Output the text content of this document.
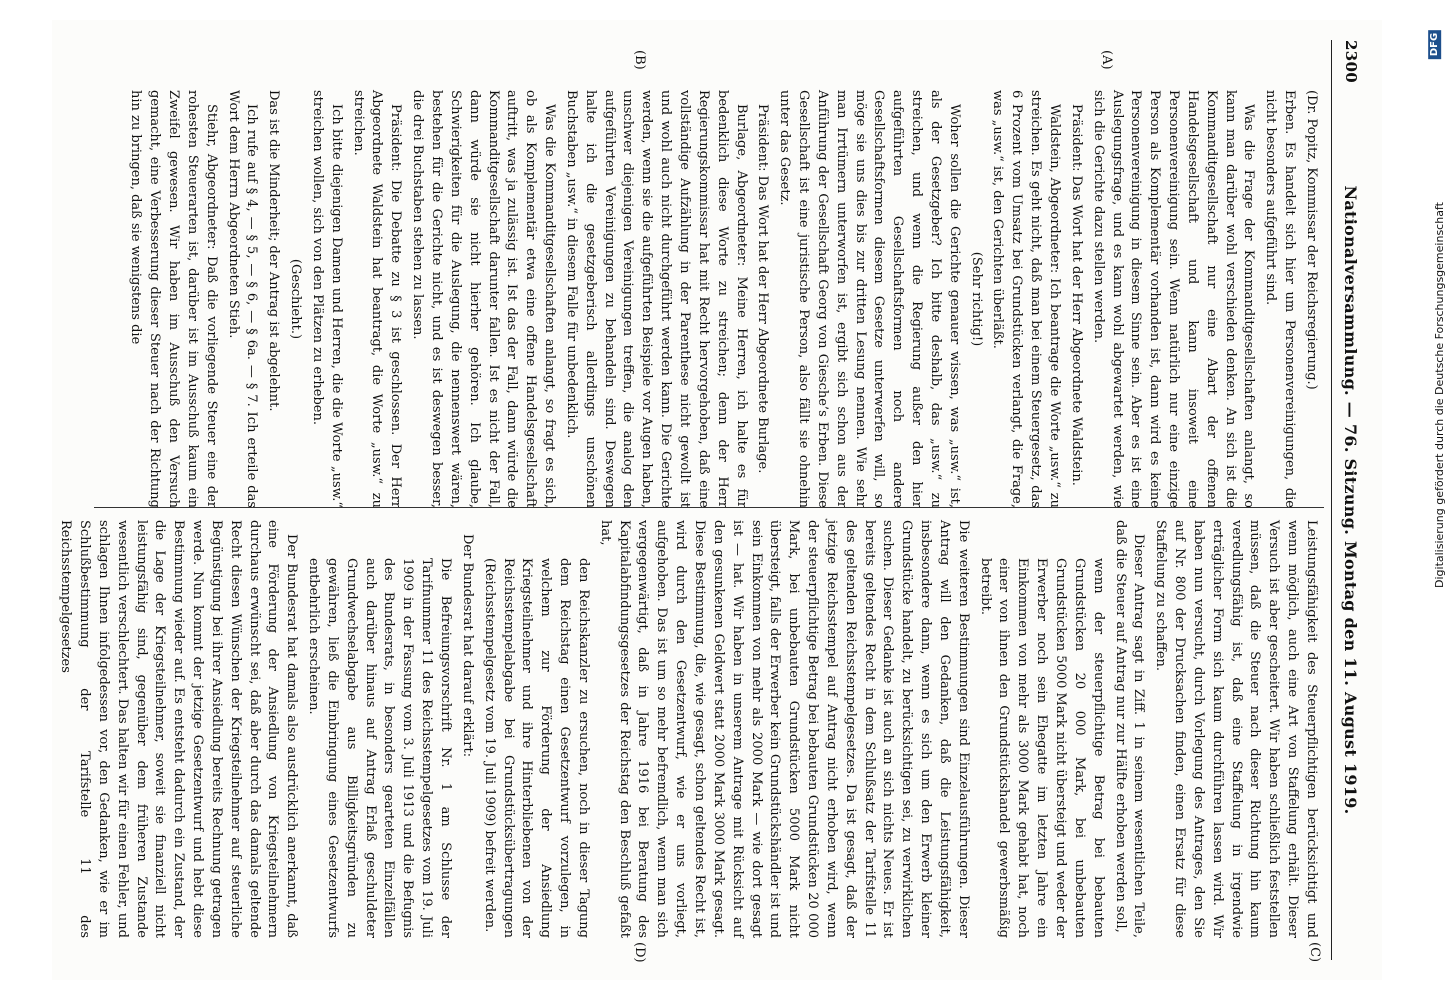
2300
Nationalversammlung. — 76. Sitzung. Montag den 11. August 1919.
(A)
(B)
(C)
(D)

(Dr. Popitz, Kommissar der Reichsregierung.)

Erben. Es handelt sich hier um Personenvereinigungen, die nicht besonders aufgeführt sind.

Was die Frage der Kommanditgesellschaften anlangt, so kann man darüber wohl verschieden denken. An sich ist die Kommanditgesellschaft nur eine Abart der offenen Handelsgesellschaft und kann insoweit eine Personenvereinigung sein. Wenn natürlich nur eine einzige Person als Komplementär vorhanden ist, dann wird es keine Personenvereinigung in diesem Sinne sein. Aber es ist eine Auslegungsfrage, und es kann wohl abgewartet werden, wie sich die Gerichte dazu stellen werden.

Präsident: Das Wort hat der Herr Abgeordnete Waldstein.

Waldstein, Abgeordneter: Ich beantrage die Worte „usw.“ zu streichen. Es geht nicht, daß man bei einem Steuergesetz, das 6 Prozent vom Umsatz bei Grundstücken verlangt, die Frage, was „usw.“ ist, den Gerichten überläßt.

(Sehr richtig!)

Woher sollen die Gerichte genauer wissen, was „usw.“ ist, als der Gesetzgeber? Ich bitte deshalb, das „usw.“ zu streichen, und wenn die Regierung außer den hier aufgeführten Gesellschaftsformen noch andere Gesellschaftsformen diesem Gesetze unterwerfen will, so möge sie uns dies bis zur dritten Lesung nennen. Wie sehr man Irrtümern unterworfen ist, ergibt sich schon aus der Anführung der Gesellschaft Georg von Giesche’s Erben. Diese Gesellschaft ist eine juristische Person, also fällt sie ohnehin unter das Gesetz.

Präsident: Das Wort hat der Herr Abgeordnete Burlage.

Burlage, Abgeordneter: Meine Herren, ich halte es für bedenklich diese Worte zu streichen; denn der Herr Regierungskommissar hat mit Recht hervorgehoben, daß eine vollständige Aufzählung in der Parenthese nicht gewollt ist und wohl auch nicht durchgeführt werden kann. Die Gerichte werden, wenn sie die aufgeführten Beispiele vor Augen haben, unschwer diejenigen Vereinigungen treffen, die analog den aufgeführten Vereinigungen zu behandeln sind. Deswegen halte ich die gesetzgeberisch allerdings unschönen Buchstaben „usw.“ in diesem Falle für unbedenklich.

Was die Kommanditgesellschaften anlangt, so fragt es sich, ob als Komplementär etwa eine offene Handelsgesellschaft auftritt, was ja zulässig ist. Ist das der Fall, dann würde die Kommanditgesellschaft darunter fallen. Ist es nicht der Fall, dann würde sie nicht hierher gehören. Ich glaube, Schwierigkeiten für die Auslegung, die nennenswert wären, bestehen für die Gerichte nicht, und es ist deswegen besser, die drei Buchstaben stehen zu lassen.

Präsident: Die Debatte zu § 3 ist geschlossen. Der Herr Abgeordnete Waldstein hat beantragt, die Worte „usw.“ zu streichen.

Ich bitte diejenigen Damen und Herren, die die Worte „usw.“ streichen wollen, sich von den Plätzen zu erheben.

(Geschieht.)

Das ist die Minderheit; der Antrag ist abgelehnt.

Ich rufe auf § 4, — § 5, — § 6, — § 6a. — § 7. Ich erteile das Wort dem Herrn Abgeordneten Stieh.

Stiehr, Abgeordneter: Daß die vorliegende Steuer eine der rohesten Steuerarten ist, darüber ist im Ausschuß kaum ein Zweifel gewesen. Wir haben im Ausschuß den Versuch gemacht, eine Verbesserung dieser Steuer nach der Richtung hin zu bringen, daß sie wenigstens die

Leistungsfähigkeit des Steuerpflichtigen berücksichtigt und wenn möglich, auch eine Art von Staffelung erhält. Dieser Versuch ist aber gescheitert. Wir haben schließlich feststellen müssen, daß die Steuer nach dieser Richtung hin kaum veredlungsfähig ist, daß eine Staffelung in irgendwie erträglicher Form sich kaum durchführen lassen wird. Wir haben nun versucht, durch Vorlegung des Antrages, den Sie auf Nr. 800 der Drucksachen finden, einen Ersatz für diese Staffelung zu schaffen.

Dieser Antrag sagt in Ziff. 1 in seinem wesentlichen Teile, daß die Steuer auf Antrag nur zur Hälfte erhoben werden soll,

wenn der steuerpflichtige Betrag bei bebauten Grundstücken 20 000 Mark, bei unbebauten Grundstücken 5000 Mark nicht übersteigt und weder der Erwerber noch sein Ehegatte im letzten Jahre ein Einkommen von mehr als 3000 Mark gehabt hat, noch einer von ihnen den Grundstückshandel gewerbsmäßig betreibt.

Die weiteren Bestimmungen sind Einzelausführungen. Dieser Antrag will den Gedanken, daß die Leistungsfähigkeit, insbesondere dann, wenn es sich um den Erwerb kleiner Grundstücke handelt, zu berücksichtigen sei, zu verwirklichen suchen. Dieser Gedanke ist auch an sich nichts Neues. Er ist bereits geltendes Recht in dem Schlußsatz der Tarifstelle 11 des geltenden Reichsstempelgesetzes. Da ist gesagt, daß der jetzige Reichsstempel auf Antrag nicht erhoben wird, wenn der steuerpflichtige Betrag bei bebauten Grundstücken 20 000 Mark, bei unbebauten Grundstücken 5000 Mark nicht übersteigt, falls der Erwerber kein Grundstückshändler ist und sein Einkommen von mehr als 2000 Mark — wie dort gesagt ist — hat. Wir haben in unserem Antrage mit Rücksicht auf den gesunkenen Geldwert statt 2000 Mark 3000 Mark gesagt. Diese Bestimmung, die, wie gesagt, schon geltendes Recht ist, wird durch den Gesetzentwurf, wie er uns vorliegt, aufgehoben. Das ist um so mehr befremdlich, wenn man sich vergegenwärtigt, daß in Jahre 1916 bei Beratung des Kapitalabfindungsgesetzes der Reichstag den Beschluß gefaßt hat,

den Reichskanzler zu ersuchen, noch in dieser Tagung dem Reichstag einen Gesetzentwurf vorzulegen, in welchem zur Förderung der Ansiedlung Kriegsteilnehmer und ihre Hinterbliebenen von der Reichsstempelabgabe bei Grundstücksübertragungen (Reichsstempelgesetz vom 19. Juli 1909) befreit werden.

Der Bundesrat hat darauf erklärt:

Die Befreiungsvorschrift Nr. 1 am Schlusse der Tarifnummer 11 des Reichsstempelgesetzes vom 19. Juli 1909 in der Fassung vom 3. Juli 1913 und die Befugnis des Bundesrats, in besonders gearteten Einzelfällen auch darüber hinaus auf Antrag Erlaß geschuldeter Grundwechselabgabe aus Billigkeitsgründen zu gewähren, ließ die Einbringung eines Gesetzentwurfs entbehrlich erscheinen.

Der Bundesrat hat damals also ausdrücklich anerkannt, daß eine Förderung der Ansiedlung von Kriegsteilnehmern durchaus erwünscht sei, daß aber durch das damals geltende Recht diesen Wünschen der Kriegsteilnehmer auf steuerliche Begünstigung bei ihrer Ansiedlung bereits Rechnung getragen werde. Nun kommt der jetzige Gesetzentwurf und hebt diese Bestimmung wieder auf. Es entsteht dadurch ein Zustand, der die Lage der Kriegsteilnehmer, soweit sie finanziell nicht leistungsfähig sind, gegenüber dem früheren Zustande wesentlich verschlechtert. Das halten wir für einen Fehler, und schlagen Ihnen infolgedessen vor, den Gedanken, wie er im Schlußbestimmung der Tarifstelle 11 des Reichsstempelgesetzes

Digitalisierung gefördert durch die Deutsche Forschungsgemeinschaft
DFG
